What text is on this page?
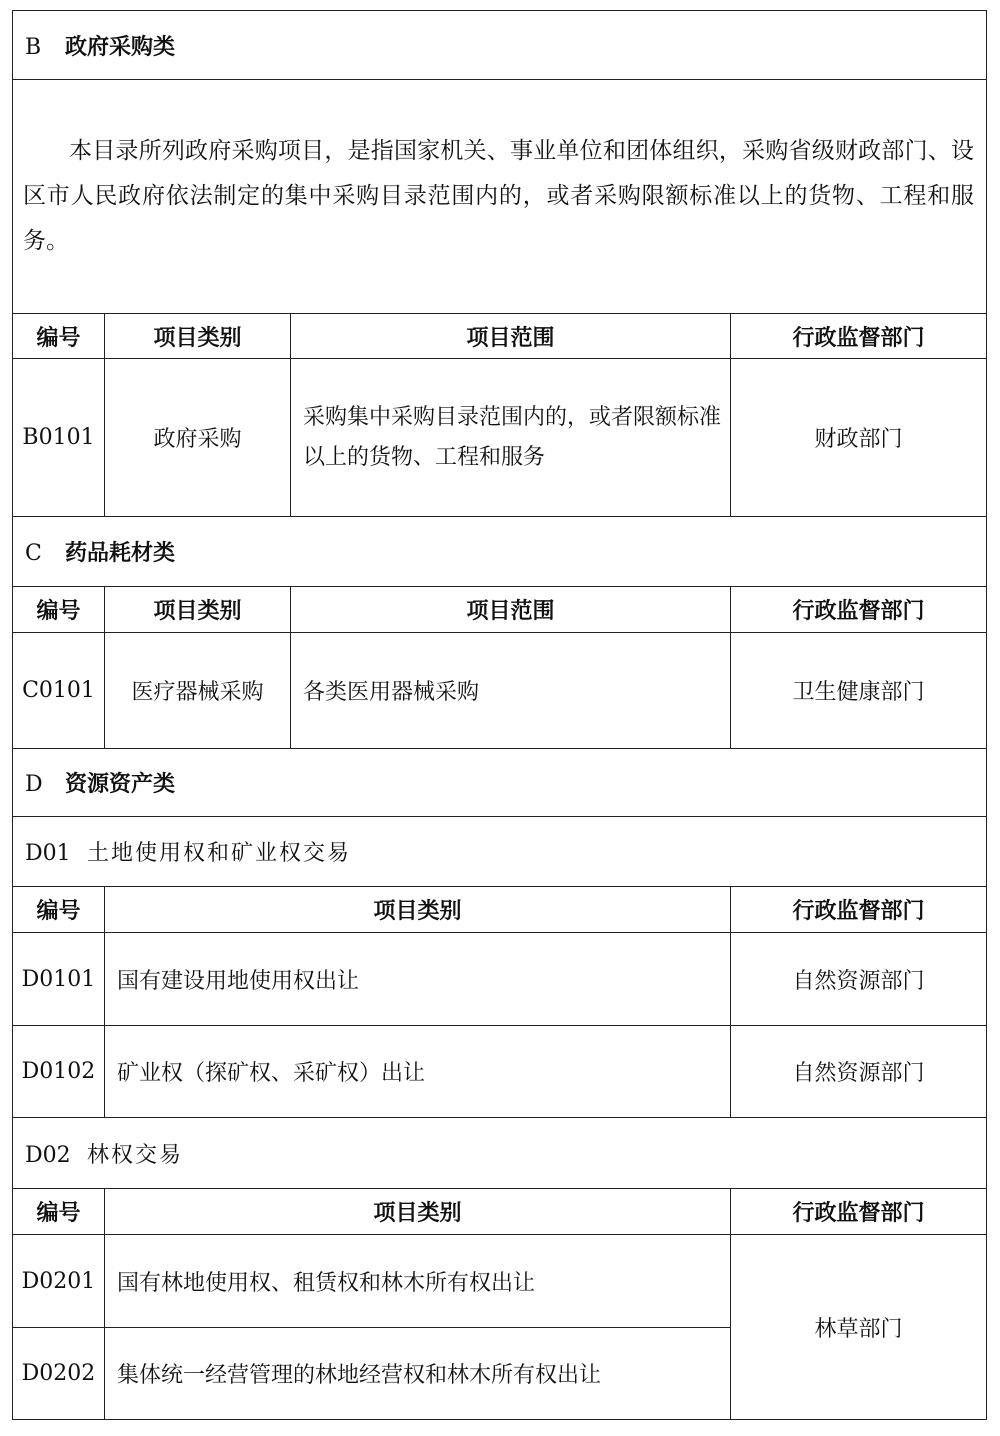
B 政府采购类			

本目录所列政府采购项目，是指国家机关、事业单位和团体组织，采购省级财政部门、设区市人民政府依法制定的集中采购目录范围内的，或者采购限额标准以上的货物、工程和服务。			

编号	项目类别	项目范围	行政监督部门
B0101	政府采购	采购集中采购目录范围内的，或者限额标准以上的货物、工程和服务	财政部门
C 药品耗材类			
编号	项目类别	项目范围	行政监督部门
C0101	医疗器械采购	各类医用器械采购	卫生健康部门
D 资源资产类			
D01 土地使用权和矿业权交易			
编号	项目类别		行政监督部门
D0101	国有建设用地使用权出让		自然资源部门
D0102	矿业权（探矿权、采矿权）出让		自然资源部门
D02 林权交易			
编号	项目类别		行政监督部门
D0201	国有林地使用权、租赁权和林木所有权出让		林草部门
D0202	集体统一经营管理的林地经营权和林木所有权出让		
